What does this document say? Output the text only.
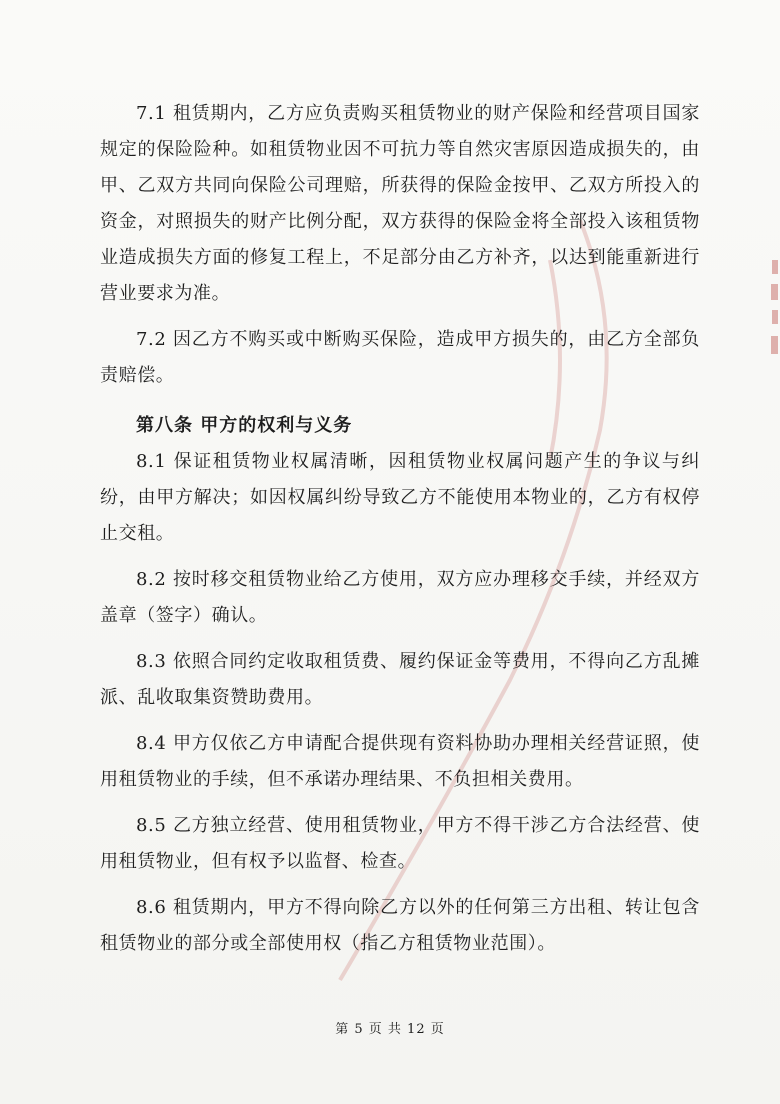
7.1 租赁期内，乙方应负责购买租赁物业的财产保险和经营项目国家规定的保险险种。如租赁物业因不可抗力等自然灾害原因造成损失的，由甲、乙双方共同向保险公司理赔，所获得的保险金按甲、乙双方所投入的资金，对照损失的财产比例分配，双方获得的保险金将全部投入该租赁物业造成损失方面的修复工程上，不足部分由乙方补齐，以达到能重新进行营业要求为准。

7.2 因乙方不购买或中断购买保险，造成甲方损失的，由乙方全部负责赔偿。

第八条 甲方的权利与义务

8.1 保证租赁物业权属清晰，因租赁物业权属问题产生的争议与纠纷，由甲方解决；如因权属纠纷导致乙方不能使用本物业的，乙方有权停止交租。

8.2 按时移交租赁物业给乙方使用，双方应办理移交手续，并经双方盖章（签字）确认。

8.3 依照合同约定收取租赁费、履约保证金等费用，不得向乙方乱摊派、乱收取集资赞助费用。

8.4 甲方仅依乙方申请配合提供现有资料协助办理相关经营证照，使用租赁物业的手续，但不承诺办理结果、不负担相关费用。

8.5 乙方独立经营、使用租赁物业，甲方不得干涉乙方合法经营、使用租赁物业，但有权予以监督、检查。

8.6 租赁期内，甲方不得向除乙方以外的任何第三方出租、转让包含租赁物业的部分或全部使用权（指乙方租赁物业范围）。

第 5 页 共 12 页
